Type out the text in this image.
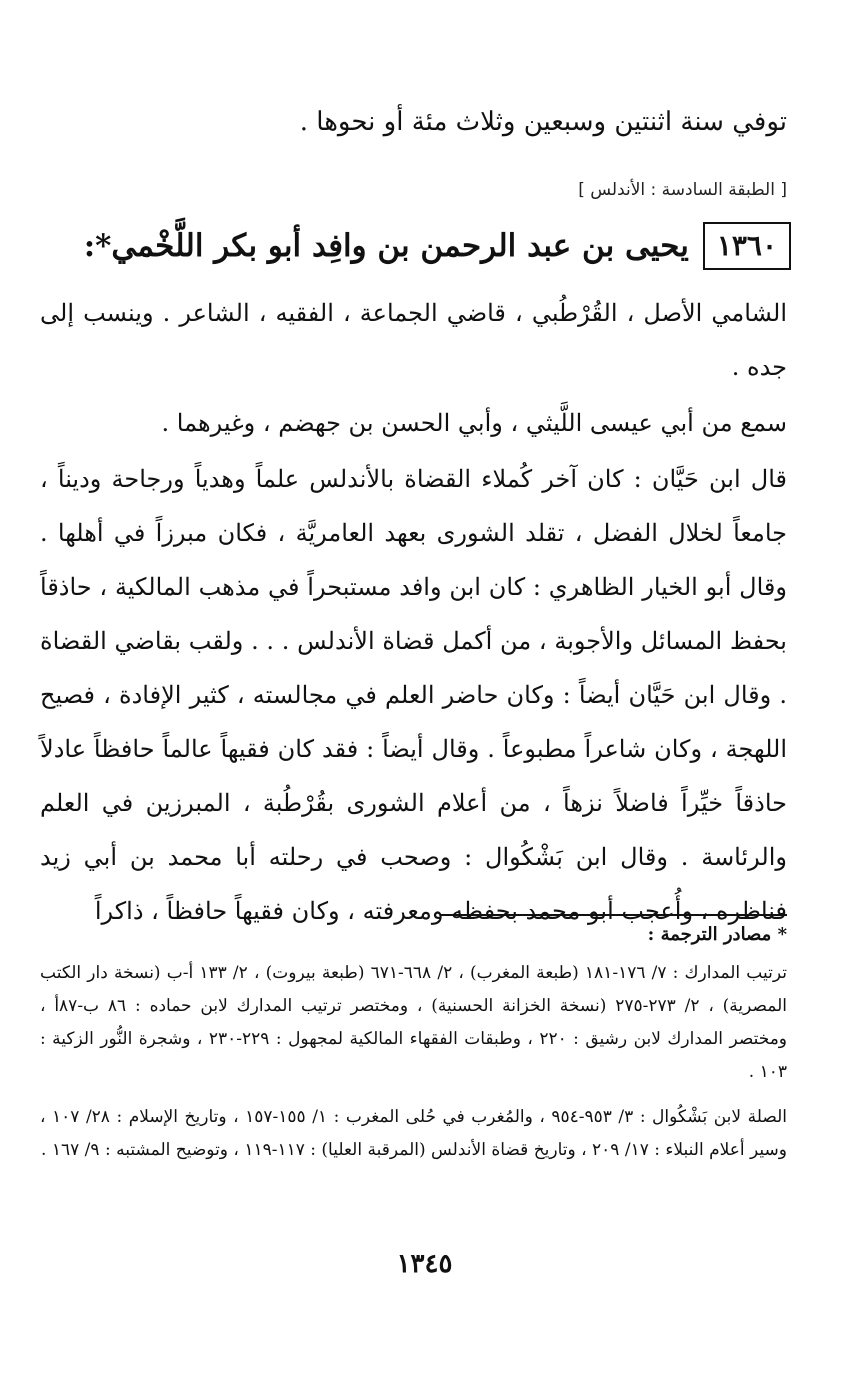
توفي سنة اثنتين وسبعين وثلاث مئة أو نحوها .
[ الطبقة السادسة : الأندلس ]
١٣٦٠
يحيى بن عبد الرحمن بن وافِد أبو بكر اللَّخْمي*:

الشامي الأصل ، القُرْطُبي ، قاضي الجماعة ، الفقيه ، الشاعر . وينسب إلى جده .

سمع من أبي عيسى اللَّيثي ، وأبي الحسن بن جهضم ، وغيرهما .

قال ابن حَيَّان : كان آخر كُملاء القضاة بالأندلس علماً وهدياً ورجاحة وديناً ، جامعاً لخلال الفضل ، تقلد الشورى بعهد العامريَّة ، فكان مبرزاً في أهلها . وقال أبو الخيار الظاهري : كان ابن وافد مستبحراً في مذهب المالكية ، حاذقاً بحفظ المسائل والأجوبة ، من أكمل قضاة الأندلس . . . ولقب بقاضي القضاة . وقال ابن حَيَّان أيضاً : وكان حاضر العلم في مجالسته ، كثير الإفادة ، فصيح اللهجة ، وكان شاعراً مطبوعاً . وقال أيضاً : فقد كان فقيهاً عالماً حافظاً عادلاً حاذقاً خيِّراً فاضلاً نزهاً ، من أعلام الشورى بقُرْطُبة ، المبرزين في العلم والرئاسة . وقال ابن بَشْكُوال : وصحب في رحلته أبا محمد بن أبي زيد فناظره ، وأُعجب أبو محمد بحفظه ومعرفته ، وكان فقيهاً حافظاً ، ذاكراً

* مصادر الترجمة :

ترتيب المدارك : ٧/ ١٧٦-١٨١ (طبعة المغرب) ، ٢/ ٦٦٨-٦٧١ (طبعة بيروت) ، ٢/ ١٣٣ أ-ب (نسخة دار الكتب المصرية) ، ٢/ ٢٧٣-٢٧٥ (نسخة الخزانة الحسنية) ، ومختصر ترتيب المدارك لابن حماده : ٨٦ ب-٨٧أ ، ومختصر المدارك لابن رشيق : ٢٢٠ ، وطبقات الفقهاء المالكية لمجهول : ٢٢٩-٢٣٠ ، وشجرة النُّور الزكية : ١٠٣ .

الصلة لابن بَشْكُوال : ٣/ ٩٥٣-٩٥٤ ، والمُغرب في حُلى المغرب : ١/ ١٥٥-١٥٧ ، وتاريخ الإسلام : ٢٨/ ١٠٧ ، وسير أعلام النبلاء : ١٧/ ٢٠٩ ، وتاريخ قضاة الأندلس (المرقبة العليا) : ١١٧-١١٩ ، وتوضيح المشتبه : ٩/ ١٦٧ .

١٣٤٥
